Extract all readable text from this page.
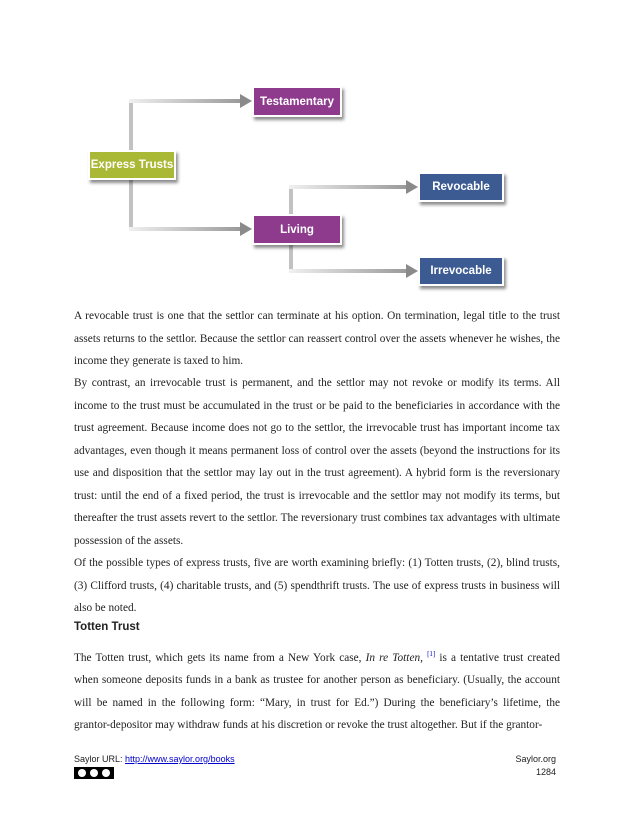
Testamentary
Express Trusts
Living
Revocable
Irrevocable

A revocable trust is one that the settlor can terminate at his option. On termination, legal title to the trust assets returns to the settlor. Because the settlor can reassert control over the assets whenever he wishes, the income they generate is taxed to him.

By contrast, an irrevocable trust is permanent, and the settlor may not revoke or modify its terms. All income to the trust must be accumulated in the trust or be paid to the beneficiaries in accordance with the trust agreement. Because income does not go to the settlor, the irrevocable trust has important income tax advantages, even though it means permanent loss of control over the assets (beyond the instructions for its use and disposition that the settlor may lay out in the trust agreement). A hybrid form is the reversionary trust: until the end of a fixed period, the trust is irrevocable and the settlor may not modify its terms, but thereafter the trust assets revert to the settlor. The reversionary trust combines tax advantages with ultimate possession of the assets.

Of the possible types of express trusts, five are worth examining briefly: (1) Totten trusts, (2), blind trusts, (3) Clifford trusts, (4) charitable trusts, and (5) spendthrift trusts. The use of express trusts in business will also be noted.

Totten Trust

The Totten trust, which gets its name from a New York case, In re Totten, [1] is a tentative trust created when someone deposits funds in a bank as trustee for another person as beneficiary. (Usually, the account will be named in the following form: “Mary, in trust for Ed.”) During the beneficiary’s lifetime, the grantor-depositor may withdraw funds at his discretion or revoke the trust altogether. But if the grantor-

Saylor URL: http://www.saylor.org/books	Saylor.org
1284
